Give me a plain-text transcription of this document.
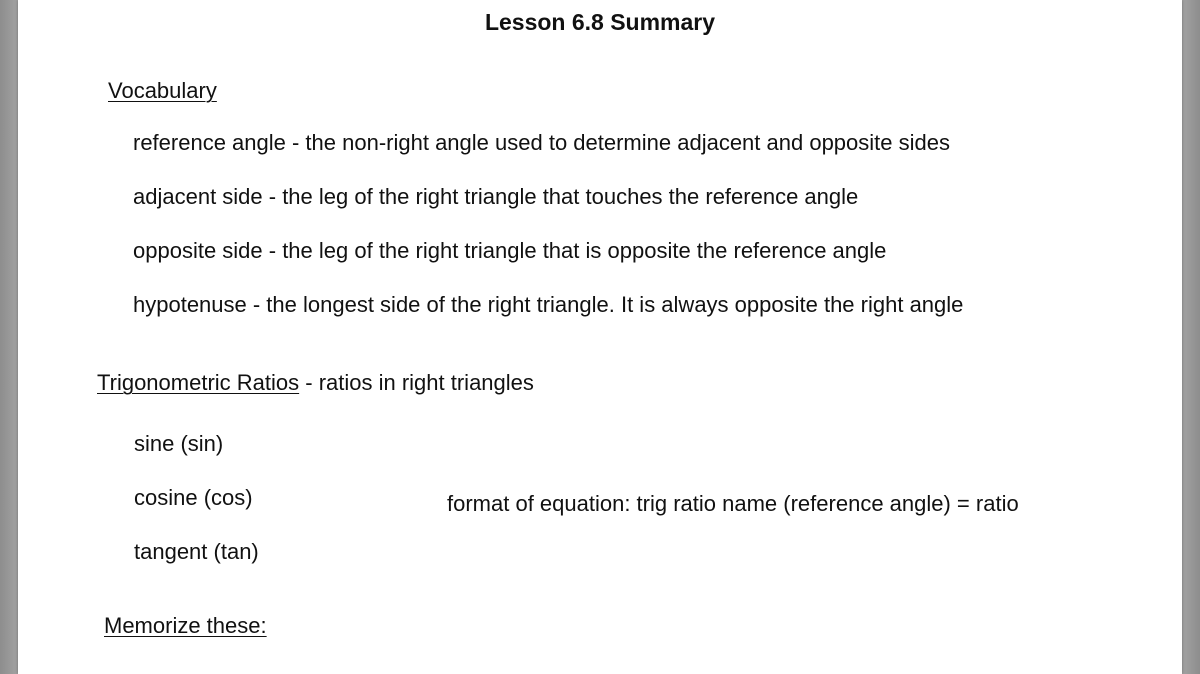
Lesson 6.8 Summary
Vocabulary
reference angle - the non-right angle used to determine adjacent and opposite sides
adjacent side - the leg of the right triangle that touches the reference angle
opposite side - the leg of the right triangle that is opposite the reference angle
hypotenuse - the longest side of the right triangle. It is always opposite the right angle
Trigonometric Ratios - ratios in right triangles
sine (sin)
cosine (cos)
tangent (tan)
format of equation: trig ratio name (reference angle) = ratio
Memorize these:
